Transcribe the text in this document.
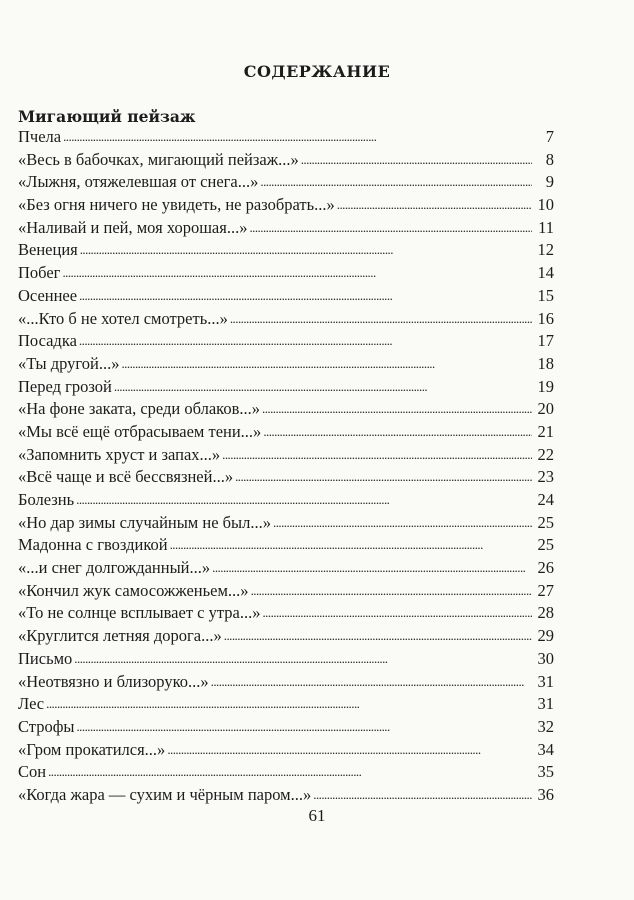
СОДЕРЖАНИЕ
Мигающий пейзаж
Пчела . . .	7
«Весь в бабочках, мигающий пейзаж...» . . .	8
«Лыжня, отяжелевшая от снега...» . . .	9
«Без огня ничего не увидеть, не разобрать...» . . .	10
«Наливай и пей, моя хорошая...» . . .	11
Венеция . . .	12
Побег . . .	14
Осеннее . . .	15
«...Кто б не хотел смотреть...» . . .	16
Посадка . . .	17
«Ты другой...» . . .	18
Перед грозой . . .	19
«На фоне заката, среди облаков...» . . .	20
«Мы всё ещё отбрасываем тени...» . . .	21
«Запомнить хруст и запах...» . . .	22
«Всё чаще и всё бессвязней...» . . .	23
Болезнь . . .	24
«Но дар зимы случайным не был...» . . .	25
Мадонна с гвоздикой . . .	25
«...и снег долгожданный...» . . .	26
«Кончил жук самосожженьем...» . . .	27
«То не солнце всплывает с утра...» . . .	28
«Круглится летняя дорога...» . . .	29
Письмо . . .	30
«Неотвязно и близоруко...» . . .	31
Лес . . .	31
Строфы . . .	32
«Гром прокатился...» . . .	34
Сон . . .	35
«Когда жара — сухим и чёрным паром...» . . .	36
61
